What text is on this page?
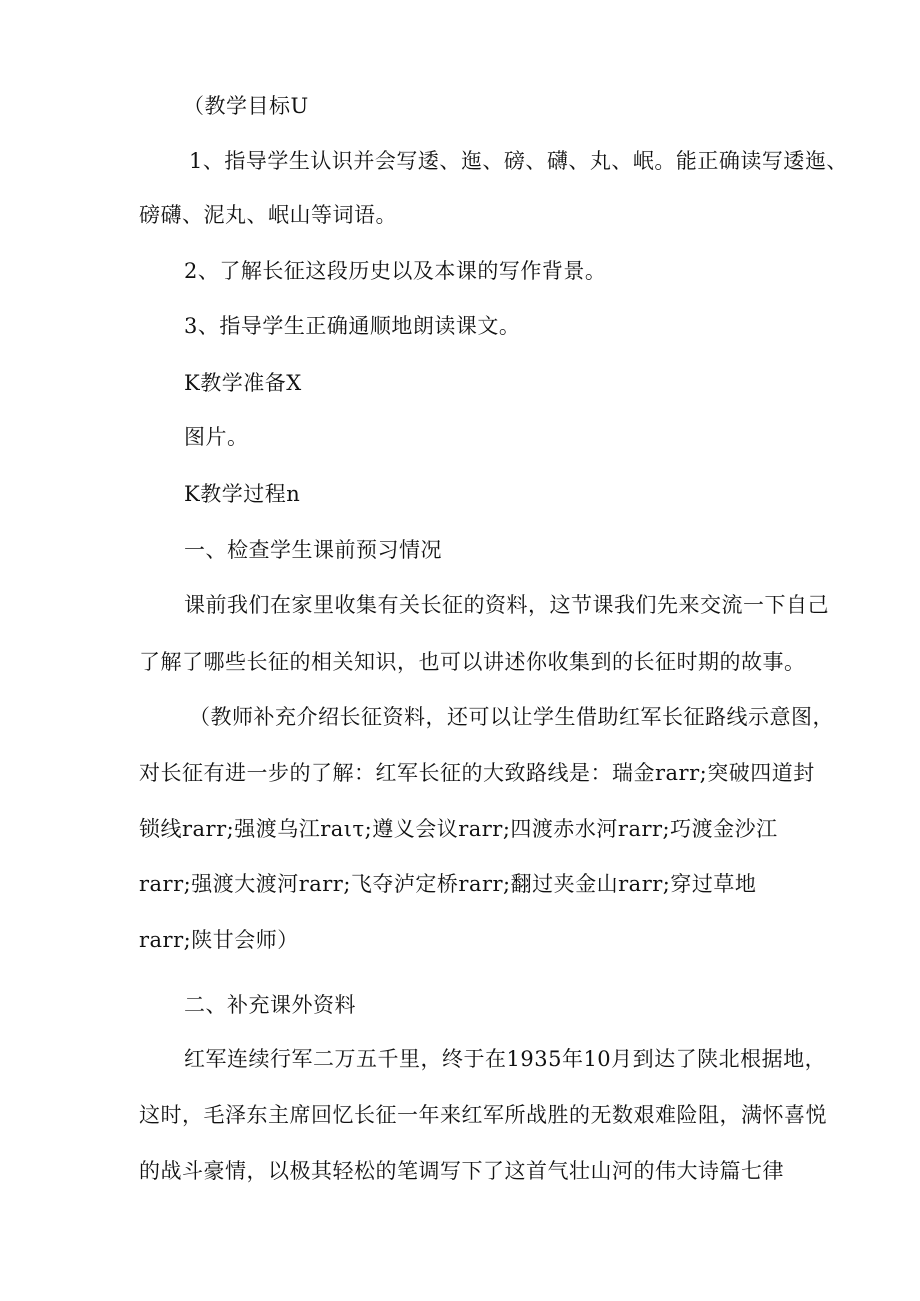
（教学目标U
1、指导学生认识并会写逶、迤、磅、礴、丸、岷。能正确读写逶迤、
磅礴、泥丸、岷山等词语。
2、了解长征这段历史以及本课的写作背景。
3、指导学生正确通顺地朗读课文。
K教学准备X
图片。
K教学过程n
一、检查学生课前预习情况
课前我们在家里收集有关长征的资料，这节课我们先来交流一下自己
了解了哪些长征的相关知识，也可以讲述你收集到的长征时期的故事。
（教师补充介绍长征资料，还可以让学生借助红军长征路线示意图，
对长征有进一步的了解：红军长征的大致路线是：瑞金rarr;突破四道封
锁线rarr;强渡乌江raιτ;遵义会议rarr;四渡赤水河rarr;巧渡金沙江
rarr;强渡大渡河rarr;飞夺泸定桥rarr;翻过夹金山rarr;穿过草地
rarr;陕甘会师）
二、补充课外资料
红军连续行军二万五千里，终于在1935年10月到达了陕北根据地，
这时，毛泽东主席回忆长征一年来红军所战胜的无数艰难险阻，满怀喜悦
的战斗豪情，以极其轻松的笔调写下了这首气壮山河的伟大诗篇七律
